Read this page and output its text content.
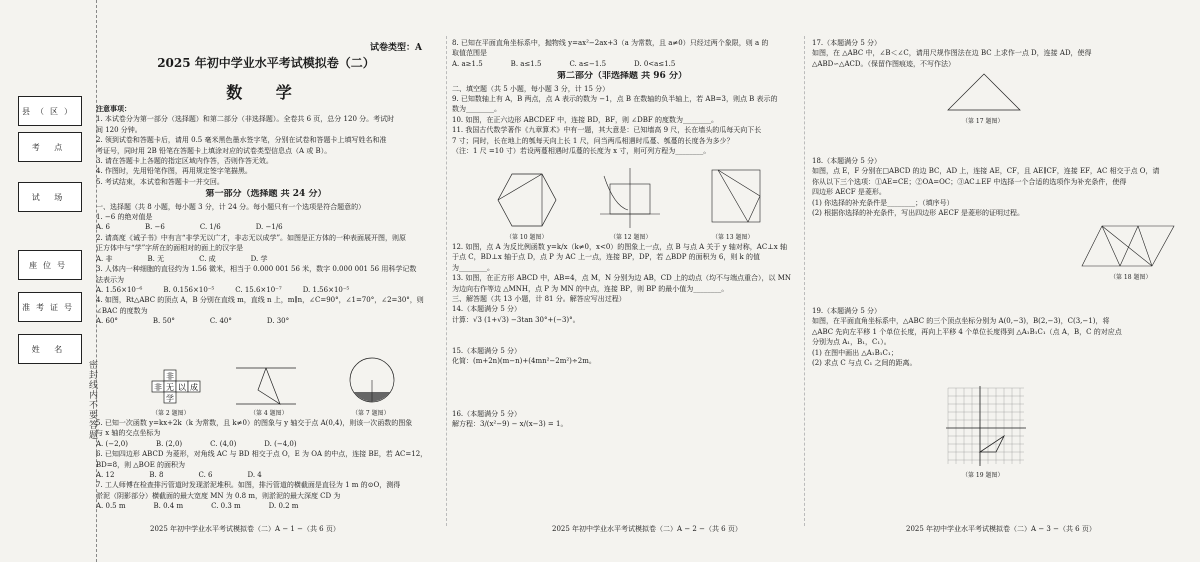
县（区）
考 点
试 场
座位号
准考证号
姓 名
密封线内不要答题
试卷类型：A
2025 年初中学业水平考试模拟卷（二）
数 学

注意事项：

1. 本试卷分为第一部分（选择题）和第二部分（非选择题）。全卷共 6 页，总分 120 分。考试时

间 120 分钟。

2. 领到试卷和答题卡后，请用 0.5 毫米黑色墨水签字笔，分别在试卷和答题卡上填写姓名和准

考证号，同时用 2B 铅笔在答题卡上填涂对应的试卷类型信息点（A 或 B）。

3. 请在答题卡上各题的指定区域内作答，否则作答无效。

4. 作图时，先用铅笔作图，再用规定签字笔描黑。

5. 考试结束，本试卷和答题卡一并交回。

第一部分（选择题 共 24 分）

一、选择题（共 8 小题，每小题 3 分，计 24 分。每小题只有一个选项是符合题意的）

1. −6 的绝对值是

A. 6　　　　　B. −6　　　　　C. 1/6　　　　　D. −1/6

2. 请高度《诫子书》中有言“非学无以广才，非志无以成学”。如图是正方体的一种表面展开图，则原

正方体中与“学”字所在的面相对的面上的汉字是

A. 非　　　　　B. 无　　　　　C. 成　　　　　D. 学

3. 人体内一种细胞的直径约为 1.56 微米，相当于 0.000 001 56 米，数字 0.000 001 56 用科学记数

法表示为

A. 1.56×10⁻⁶　　　B. 0.156×10⁻⁵　　　C. 15.6×10⁻⁷　　　D. 1.56×10⁻⁵

4. 如图，Rt△ABC 的顶点 A，B 分别在直线 m，直线 n 上，m∥n，∠C=90°，∠1=70°，∠2=30°，则

∠BAC 的度数为

A. 60°　　　　　B. 50°　　　　　C. 40°　　　　　D. 30°

非
非 无 以 成
学
（第 2 题图）	（第 4 题图）	（第 7 题图）

5. 已知一次函数 y=kx+2k（k 为常数，且 k≠0）的图象与 y 轴交于点 A(0,4)，则该一次函数的图象

与 x 轴的交点坐标为

A. (−2,0)　　　　B. (2,0)　　　　C. (4,0)　　　　D. (−4,0)

6. 已知四边形 ABCD 为菱形，对角线 AC 与 BD 相交于点 O，E 为 OA 的中点，连接 BE，若 AC=12，

BD=8，则 △BOE 的面积为

A. 12　　　　　B. 8　　　　　C. 6　　　　　D. 4

7. 工人师傅在检查排污管道时发现淤泥堆积。如图，排污管道的横截面是直径为 1 m 的⊙O，测得

淤泥（阴影部分）横截面的最大宽度 MN 为 0.8 m，则淤泥的最大深度 CD 为

A. 0.5 m　　　　B. 0.4 m　　　　C. 0.3 m　　　　D. 0.2 m

2025 年初中学业水平考试模拟卷（二）A − 1 −（共 6 页）

8. 已知在平面直角坐标系中，抛物线 y=ax²−2ax+3（a 为常数，且 a≠0）只经过两个象限，则 a 的

取值范围是

A. a≥1.5　　　　B. a≤1.5　　　　C. a≤−1.5　　　　D. 0<a≤1.5

第二部分（非选择题 共 96 分）

二、填空题（共 5 小题，每小题 3 分，计 15 分）

9. 已知数轴上有 A，B 两点，点 A 表示的数为 −1，点 B 在数轴的负半轴上，若 AB=3，则点 B 表示的

数为________。

10. 如图，在正六边形 ABCDEF 中，连接 BD，BF，则 ∠DBF 的度数为________。

11. 我国古代数学著作《九章算术》中有一题，其大意是：已知墙高 9 尺，长在墙头的瓜每天向下长

7 寸；同时，长在地上的瓠每天向上长 1 尺，问当两瓜相遇时瓜蔓、瓠蔓的长度各为多少？

（注：1 尺 =10 寸）若设两蔓相遇时瓜蔓的长度为 x 寸，则可列方程为________。

（第 10 题图）	（第 12 题图）	（第 13 题图）

12. 如图，点 A 为反比例函数 y=k/x（k≠0，x<0）的图象上一点，点 B 与点 A 关于 y 轴对称，AC⊥x 轴

于点 C，BD⊥x 轴于点 D，点 P 为 AC 上一点，连接 BP，DP，若 △BDP 的面积为 6，则 k 的值

为________。

13. 如图，在正方形 ABCD 中，AB=4，点 M，N 分别为边 AB，CD 上的动点（均不与端点重合），以 MN

为边向右作等边 △MNH，点 P 为 MN 的中点，连接 BP，则 BP 的最小值为________。

三、解答题（共 13 小题，计 81 分。解答应写出过程）

14.（本题满分 5 分）

计算：√3 (1+√3) −3tan 30°+(−3)°。

15.（本题满分 5 分）

化简：(m+2n)(m−n)+(4mn²−2m²)÷2m。

16.（本题满分 5 分）

解方程：3/(x²−9) − x/(x−3) = 1。

2025 年初中学业水平考试模拟卷（二）A − 2 −（共 6 页）

17.（本题满分 5 分）

如图，在 △ABC 中，∠B＜∠C，请用尺规作图法在边 BC 上求作一点 D，连接 AD，使得

△ABD∽△ACD。（保留作图痕迹，不写作法）

（第 17 题图）

18.（本题满分 5 分）

如图，点 E，F 分别在□ABCD 的边 BC，AD 上，连接 AE，CF，且 AE∥CF，连接 EF，AC 相交于点 O，请

你从以下三个选项：①AE=CE；②OA=OC；③AC⊥EF 中选择一个合适的选项作为补充条件，使得

四边形 AECF 是菱形。

(1) 你选择的补充条件是________；（填序号）

(2) 根据你选择的补充条件，写出四边形 AECF 是菱形的证明过程。

（第 18 题图）

19.（本题满分 5 分）

如图，在平面直角坐标系中，△ABC 的三个顶点坐标分别为 A(0,−3)，B(2,−3)，C(3,−1)，将

△ABC 先向左平移 1 个单位长度，再向上平移 4 个单位长度得到 △A₁B₁C₁（点 A，B，C 的对应点

分别为点 A₁，B₁，C₁）。

(1) 在图中画出 △A₁B₁C₁；

(2) 求点 C 与点 C₁ 之间的距离。

（第 19 题图）
2025 年初中学业水平考试模拟卷（二）A − 3 −（共 6 页）
